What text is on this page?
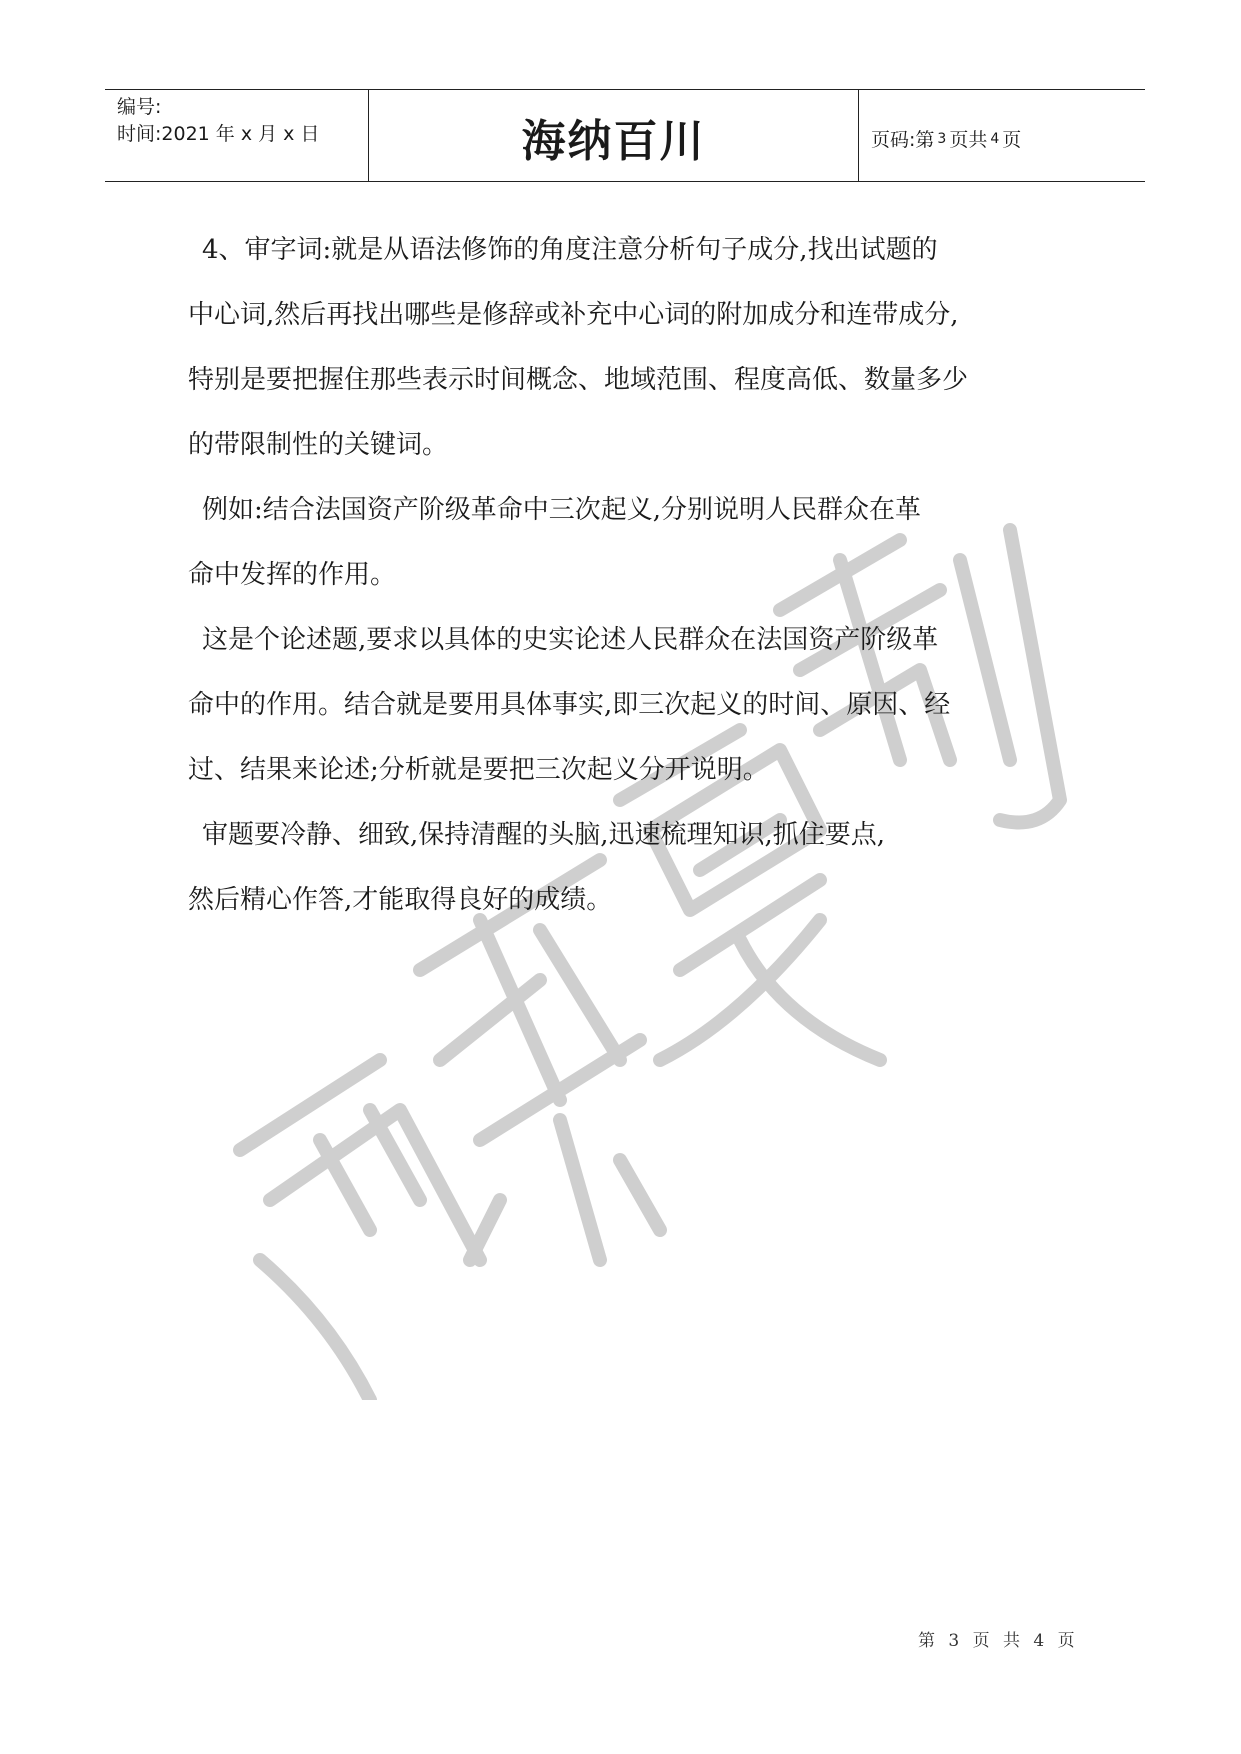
编号:
时间:2021 年 x 月 x 日	海纳百川	页码:第 3 页共 4 页

4、审字词:就是从语法修饰的角度注意分析句子成分,找出试题的

中心词,然后再找出哪些是修辞或补充中心词的附加成分和连带成分,

特别是要把握住那些表示时间概念、地域范围、程度高低、数量多少

的带限制性的关键词。

例如:结合法国资产阶级革命中三次起义,分别说明人民群众在革

命中发挥的作用。

这是个论述题,要求以具体的史实论述人民群众在法国资产阶级革

命中的作用。结合就是要用具体事实,即三次起义的时间、原因、经

过、结果来论述;分析就是要把三次起义分开说明。

审题要冷静、细致,保持清醒的头脑,迅速梳理知识,抓住要点,

然后精心作答,才能取得良好的成绩。

第 3 页 共 4 页
